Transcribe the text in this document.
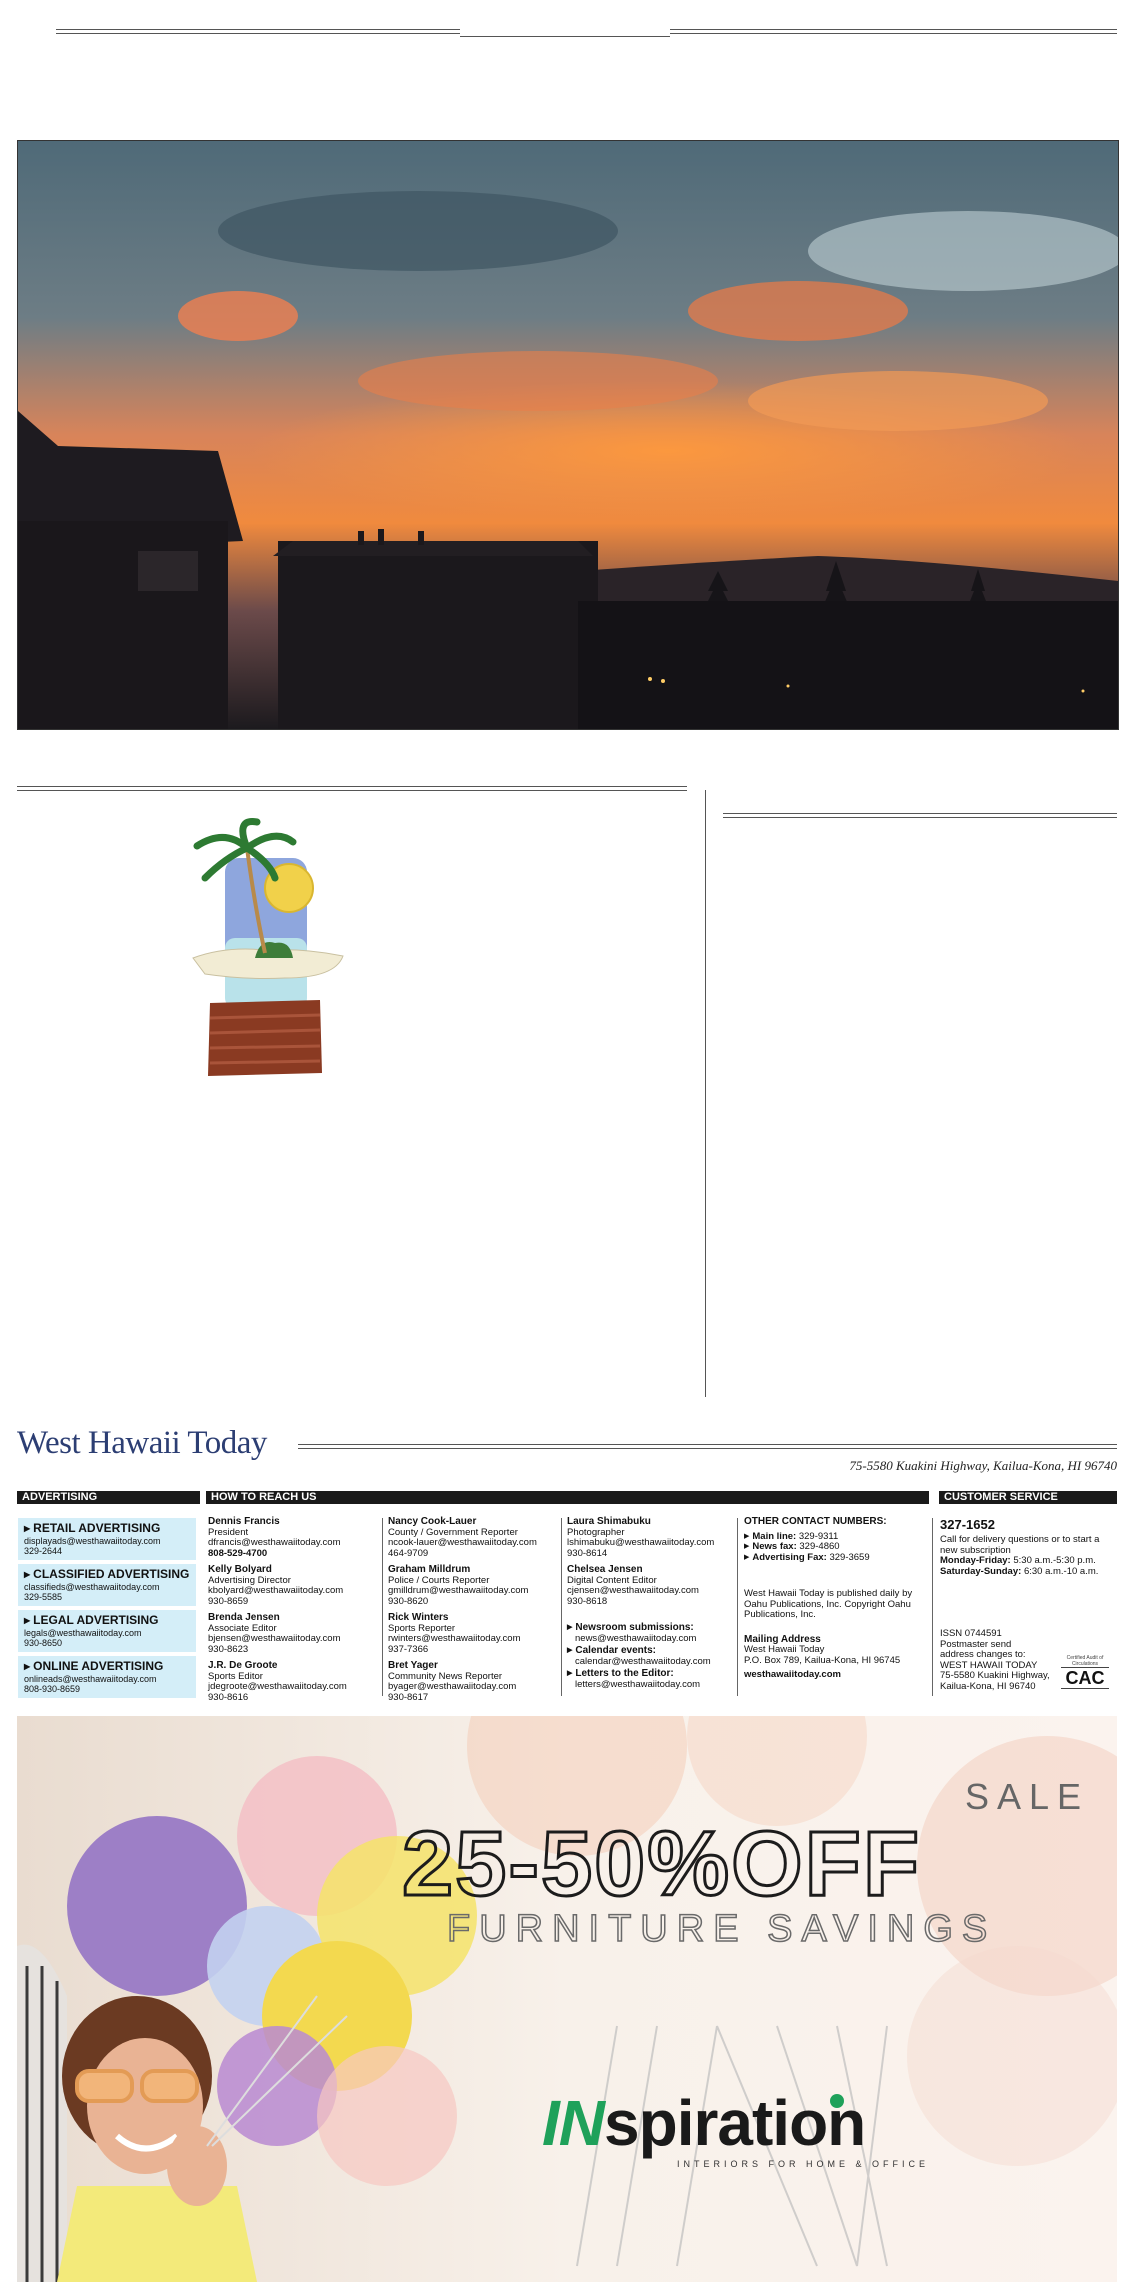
West Hawaii Today
75-5580 Kuakini Highway, Kailua-Kona, HI 96740
ADVERTISING	HOW TO REACH US	CUSTOMER SERVICE
▶ RETAIL ADVERTISING
displayads@westhawaiitoday.com
329-2644
▶ CLASSIFIED ADVERTISING
classifieds@westhawaiitoday.com
329-5585
▶ LEGAL ADVERTISING
legals@westhawaiitoday.com
930-8650
▶ ONLINE ADVERTISING
onlineads@westhawaiitoday.com
808-930-8659
Dennis Francis
President
dfrancis@westhawaiitoday.com
808-529-4700
Kelly Bolyard
Advertising Director
kbolyard@westhawaiitoday.com
930-8659
Brenda Jensen
Associate Editor
bjensen@westhawaiitoday.com
930-8623
J.R. De Groote
Sports Editor
jdegroote@westhawaiitoday.com
930-8616
Nancy Cook-Lauer
County / Government Reporter
ncook-lauer@westhawaiitoday.com
464-9709
Graham Milldrum
Police / Courts Reporter
gmilldrum@westhawaiitoday.com
930-8620
Rick Winters
Sports Reporter
rwinters@westhawaiitoday.com
937-7366
Bret Yager
Community News Reporter
byager@westhawaiitoday.com
930-8617
Laura Shimabuku
Photographer
lshimabuku@westhawaiitoday.com
930-8614
Chelsea Jensen
Digital Content Editor
cjensen@westhawaiitoday.com
930-8618
▶ Newsroom submissions:
news@westhawaiitoday.com
▶ Calendar events:
calendar@westhawaiitoday.com
▶ Letters to the Editor:
letters@westhawaiitoday.com
OTHER CONTACT NUMBERS:
▶ Main line: 329-9311
▶ News fax: 329-4860
▶ Advertising Fax: 329-3659
West Hawaii Today is published daily by Oahu Publications, Inc. Copyright Oahu Publications, Inc.
Mailing Address
West Hawaii Today
P.O. Box 789, Kailua-Kona, HI 96745
westhawaiitoday.com
327-1652
Call for delivery questions or to start a new subscription
Monday-Friday: 5:30 a.m.-5:30 p.m.
Saturday-Sunday: 6:30 a.m.-10 a.m.
ISSN 0744591
Postmaster send address changes to:
WEST HAWAII TODAY
75-5580 Kuakini Highway,
Kailua-Kona, HI 96740
Certified Audit of Circulations
CAC
SALE
25-50%OFF
FURNITURE SAVINGS
INspiration
INTERIORS FOR HOME & OFFICE
